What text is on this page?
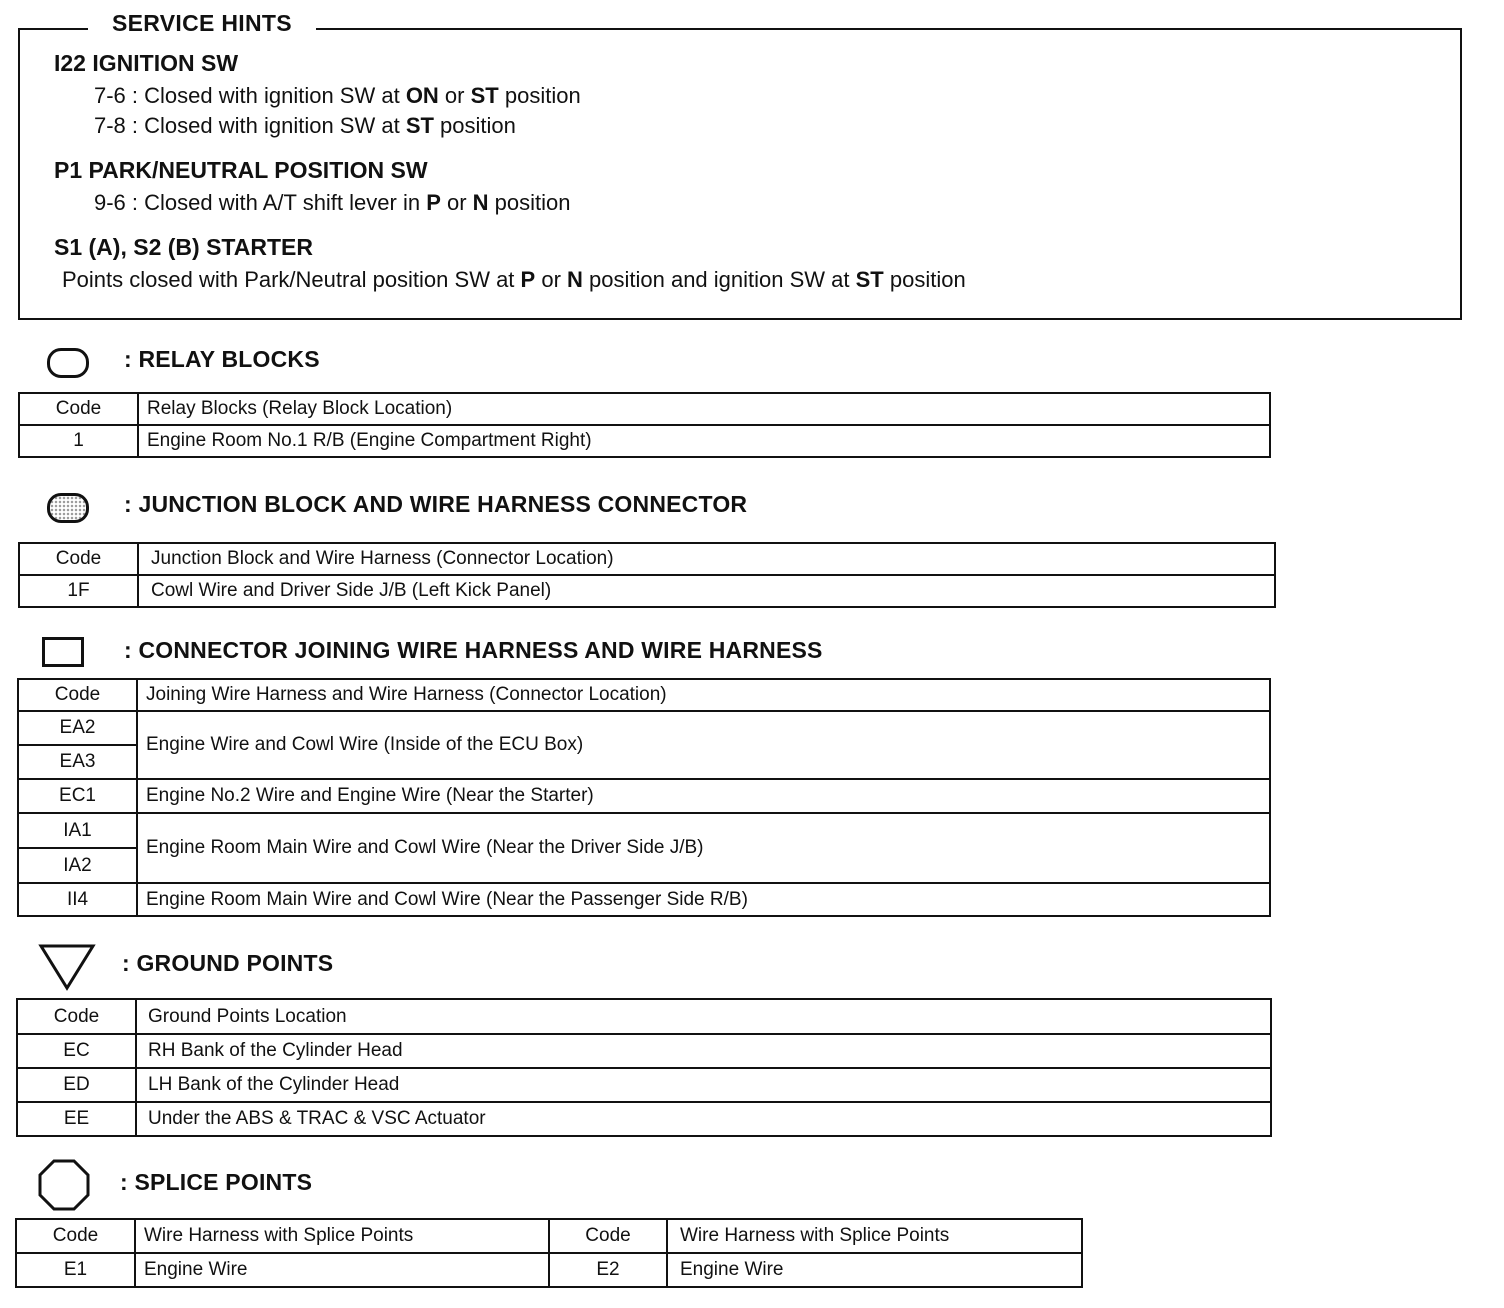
SERVICE HINTS
I22 IGNITION SW
7-6 : Closed with ignition SW at ON or ST position
7-8 : Closed with ignition SW at ST position
P1 PARK/NEUTRAL POSITION SW
9-6 : Closed with A/T shift lever in P or N position
S1 (A), S2 (B) STARTER
Points closed with Park/Neutral position SW at P or N position and ignition SW at ST position
: RELAY BLOCKS
Code	Relay Blocks (Relay Block Location)
1	Engine Room No.1 R/B (Engine Compartment Right)
: JUNCTION BLOCK AND WIRE HARNESS CONNECTOR
Code	Junction Block and Wire Harness (Connector Location)
1F	Cowl Wire and Driver Side J/B (Left Kick Panel)
: CONNECTOR JOINING WIRE HARNESS AND WIRE HARNESS
Code	Joining Wire Harness and Wire Harness (Connector Location)
EA2	Engine Wire and Cowl Wire (Inside of the ECU Box)
EA3	
EC1	Engine No.2 Wire and Engine Wire (Near the Starter)
IA1	Engine Room Main Wire and Cowl Wire (Near the Driver Side J/B)
IA2	
II4	Engine Room Main Wire and Cowl Wire (Near the Passenger Side R/B)
: GROUND POINTS
Code	Ground Points Location
EC	RH Bank of the Cylinder Head
ED	LH Bank of the Cylinder Head
EE	Under the ABS & TRAC & VSC Actuator
: SPLICE POINTS
Code	Wire Harness with Splice Points	Code	Wire Harness with Splice Points
E1	Engine Wire	E2	Engine Wire
